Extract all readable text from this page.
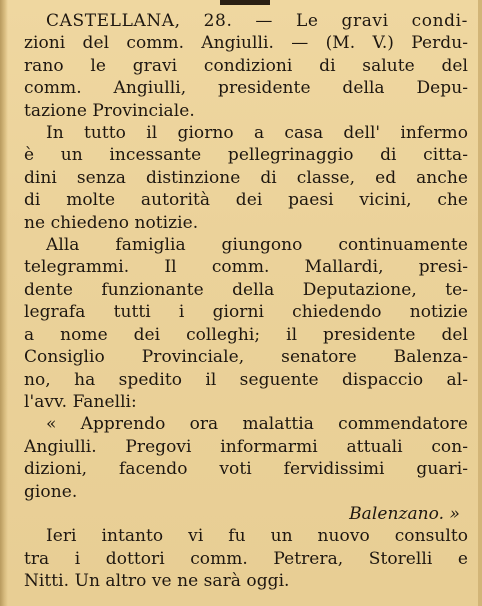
CASTELLANA, 28. — Le gravi condi-
zioni del comm. Angiulli. — (M. V.) Perdu-
rano le gravi condizioni di salute del
comm. Angiulli, presidente della Depu-
tazione Provinciale.
In tutto il giorno a casa dell' infermo
è un incessante pellegrinaggio di citta-
dini senza distinzione di classe, ed anche
di molte autorità dei paesi vicini, che
ne chiedeno notizie.
Alla famiglia giungono continuamente
telegrammi. Il comm. Mallardi, presi-
dente funzionante della Deputazione, te-
legrafa tutti i giorni chiedendo notizie
a nome dei colleghi; il presidente del
Consiglio Provinciale, senatore Balenza-
no, ha spedito il seguente dispaccio al-
l'avv. Fanelli:
« Apprendo ora malattia commendatore
Angiulli. Pregovi informarmi attuali con-
dizioni, facendo voti fervidissimi guari-
gione.
Balenzano. »
Ieri intanto vi fu un nuovo consulto
tra i dottori comm. Petrera, Storelli e
Nitti. Un altro ve ne sarà oggi.
